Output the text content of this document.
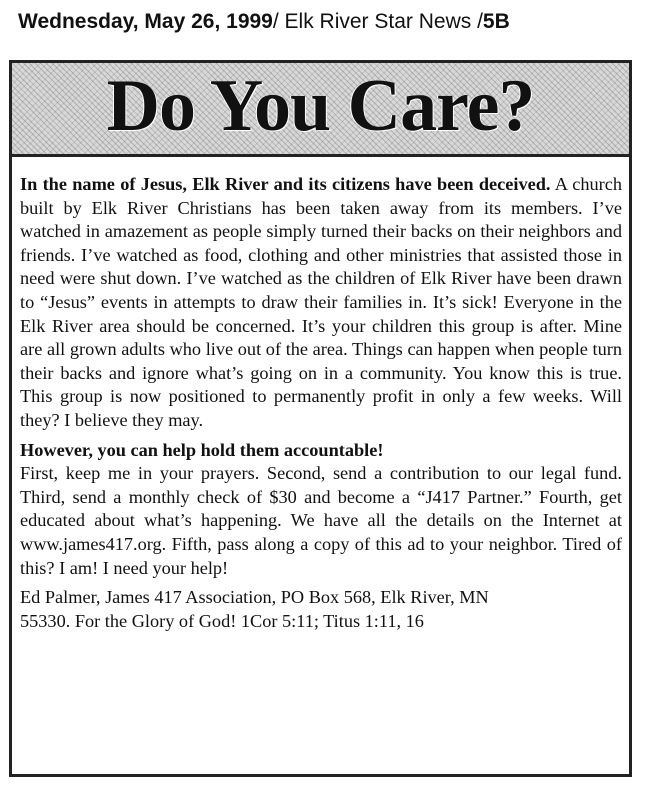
Wednesday, May 26, 1999/ Elk River Star News /5B
Do You Care?

In the name of Jesus, Elk River and its citizens have been deceived. A church built by Elk River Christians has been taken away from its members. I’ve watched in amazement as people simply turned their backs on their neighbors and friends. I’ve watched as food, clothing and other ministries that assisted those in need were shut down. I’ve watched as the children of Elk River have been drawn to “Jesus” events in attempts to draw their families in. It’s sick! Everyone in the Elk River area should be concerned. It’s your children this group is after. Mine are all grown adults who live out of the area. Things can happen when people turn their backs and ignore what’s going on in a community. You know this is true. This group is now positioned to permanently profit in only a few weeks. Will they? I believe they may.

However, you can help hold them accountable!
First, keep me in your prayers. Second, send a contribution to our legal fund. Third, send a monthly check of $30 and become a “J417 Partner.” Fourth, get educated about what’s happening. We have all the details on the Internet at www.james417.org. Fifth, pass along a copy of this ad to your neighbor. Tired of this? I am! I need your help!

Ed Palmer, James 417 Association, PO Box 568, Elk River, MN
55330. For the Glory of God! 1Cor 5:11; Titus 1:11, 16
